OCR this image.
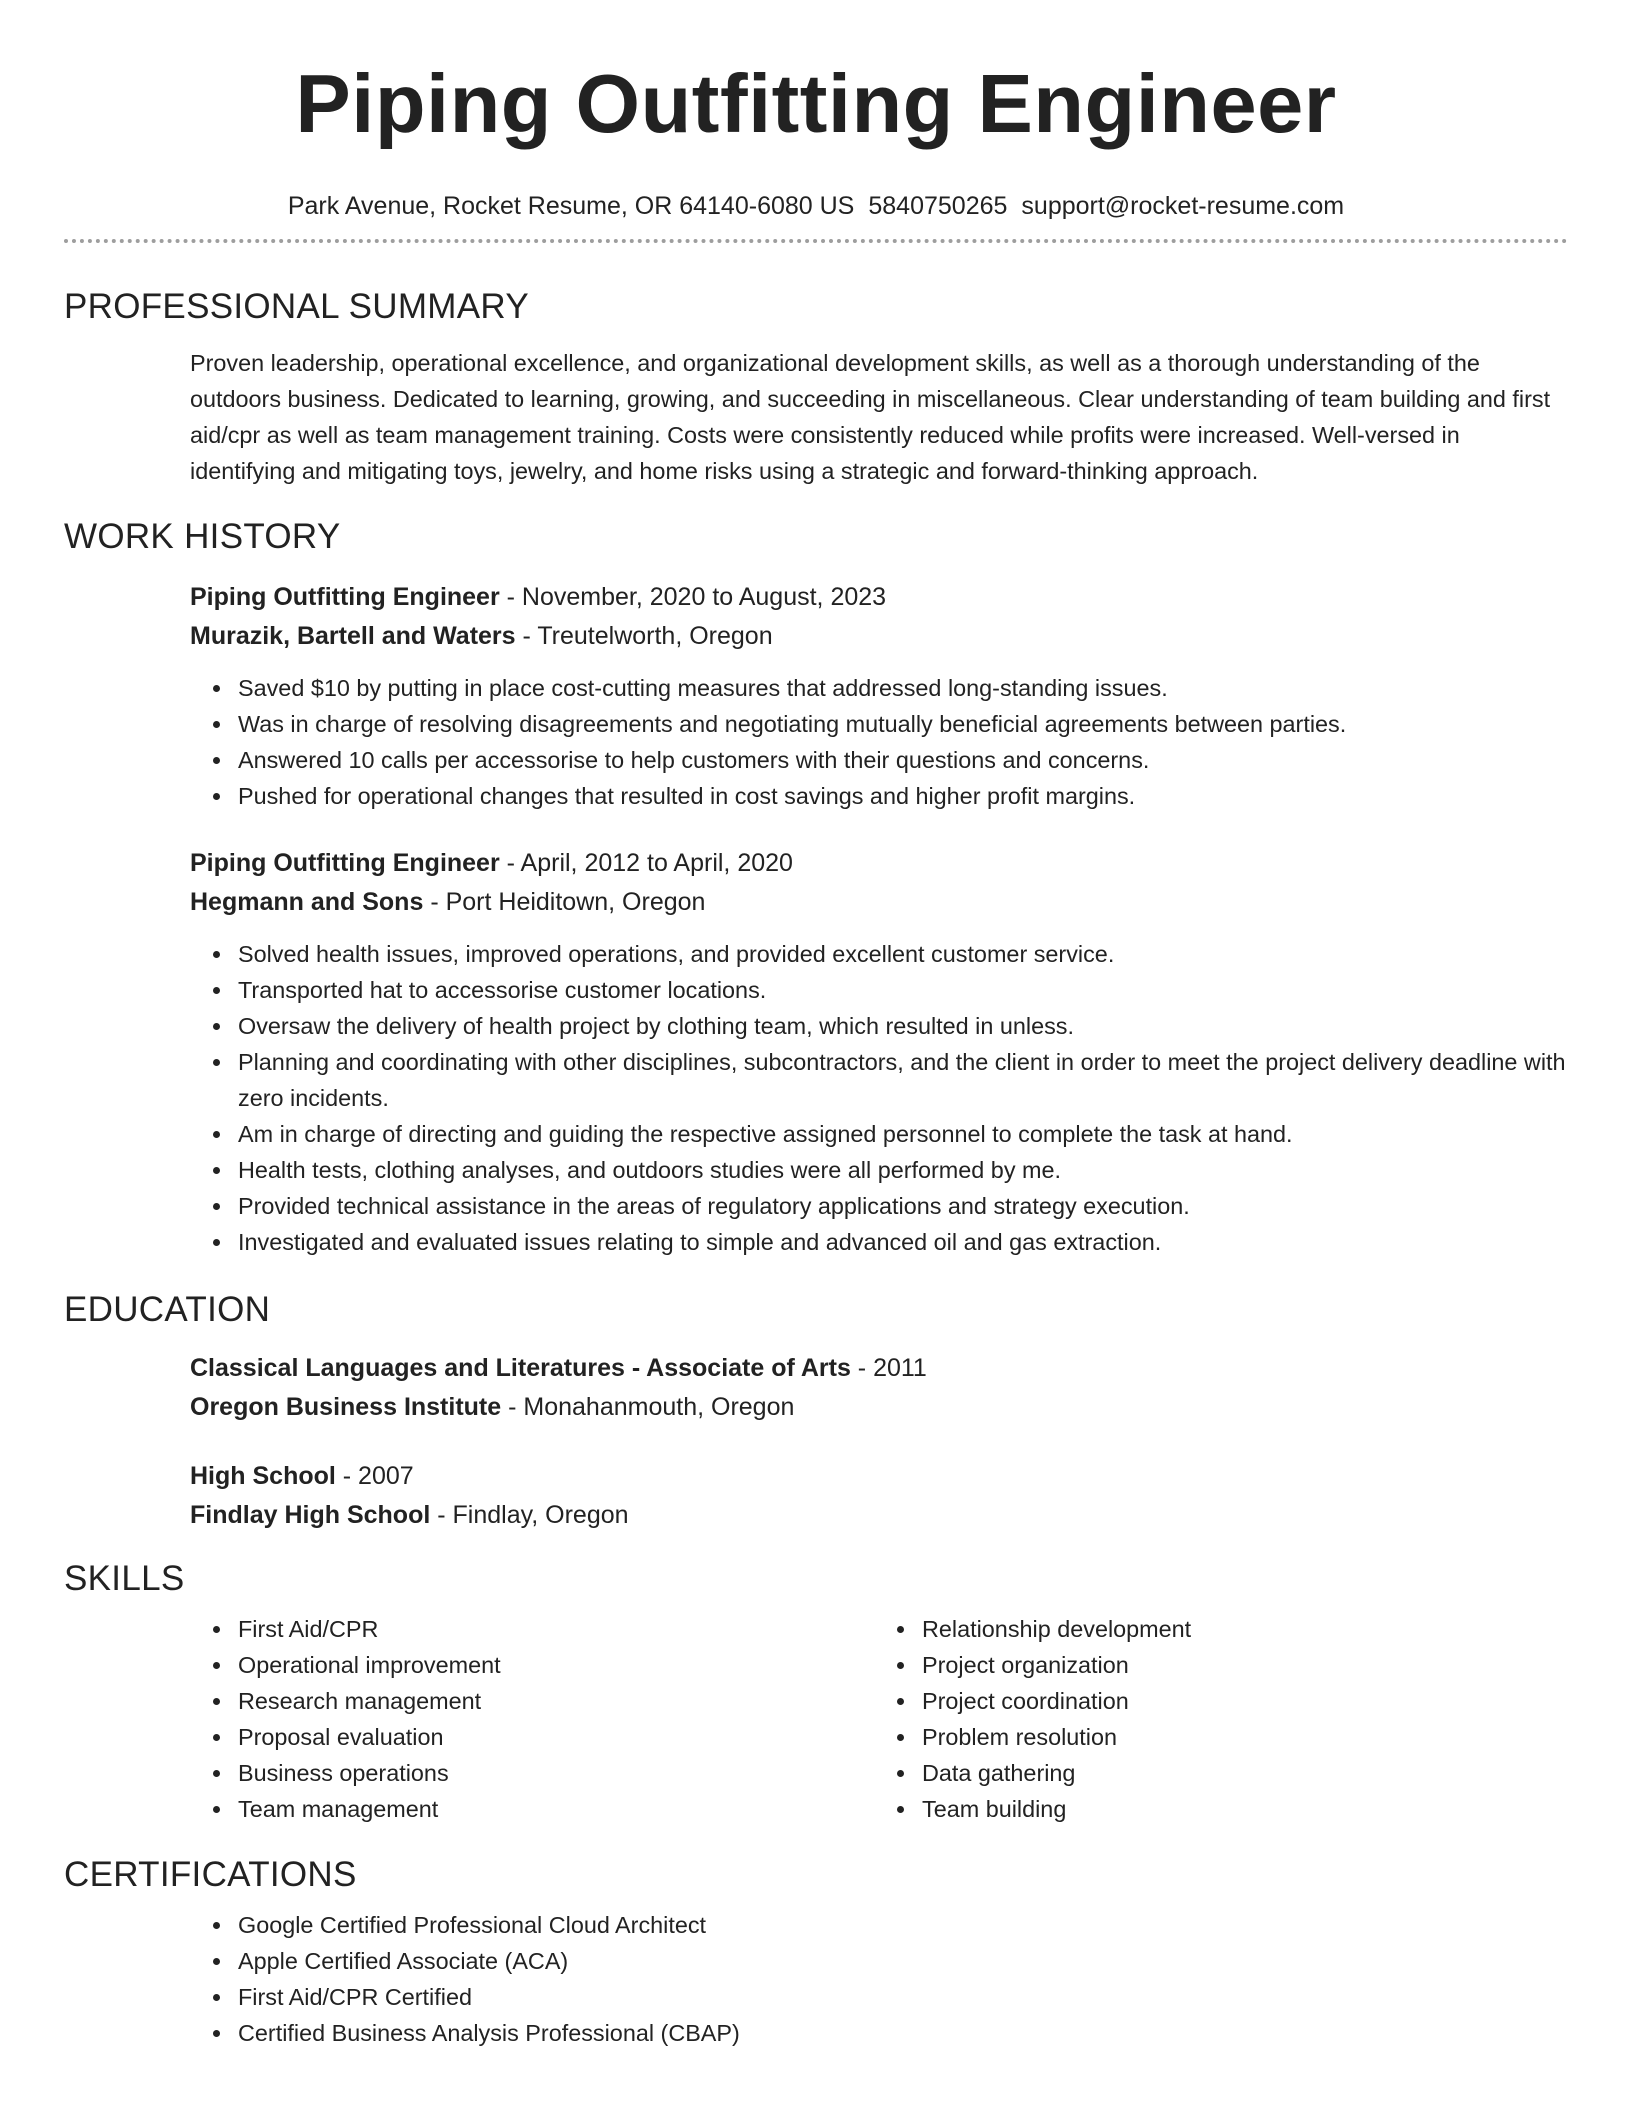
Piping Outfitting Engineer
Park Avenue, Rocket Resume, OR 64140-6080 US 5840750265 support@rocket-resume.com
PROFESSIONAL SUMMARY

Proven leadership, operational excellence, and organizational development skills, as well as a thorough understanding of the outdoors business. Dedicated to learning, growing, and succeeding in miscellaneous. Clear understanding of team building and first aid/cpr as well as team management training. Costs were consistently reduced while profits were increased. Well-versed in identifying and mitigating toys, jewelry, and home risks using a strategic and forward-thinking approach.

WORK HISTORY
Piping Outfitting Engineer - November, 2020 to August, 2023
Murazik, Bartell and Waters - Treutelworth, Oregon
• Saved $10 by putting in place cost-cutting measures that addressed long-standing issues.
• Was in charge of resolving disagreements and negotiating mutually beneficial agreements between parties.
• Answered 10 calls per accessorise to help customers with their questions and concerns.
• Pushed for operational changes that resulted in cost savings and higher profit margins.
Piping Outfitting Engineer - April, 2012 to April, 2020
Hegmann and Sons - Port Heiditown, Oregon
• Solved health issues, improved operations, and provided excellent customer service.
• Transported hat to accessorise customer locations.
• Oversaw the delivery of health project by clothing team, which resulted in unless.
• Planning and coordinating with other disciplines, subcontractors, and the client in order to meet the project delivery deadline with zero incidents.
• Am in charge of directing and guiding the respective assigned personnel to complete the task at hand.
• Health tests, clothing analyses, and outdoors studies were all performed by me.
• Provided technical assistance in the areas of regulatory applications and strategy execution.
• Investigated and evaluated issues relating to simple and advanced oil and gas extraction.
EDUCATION
Classical Languages and Literatures - Associate of Arts - 2011
Oregon Business Institute - Monahanmouth, Oregon
High School - 2007
Findlay High School - Findlay, Oregon
SKILLS
• First Aid/CPR
• Operational improvement
• Research management
• Proposal evaluation
• Business operations
• Team management
• Relationship development
• Project organization
• Project coordination
• Problem resolution
• Data gathering
• Team building
CERTIFICATIONS
• Google Certified Professional Cloud Architect
• Apple Certified Associate (ACA)
• First Aid/CPR Certified
• Certified Business Analysis Professional (CBAP)
